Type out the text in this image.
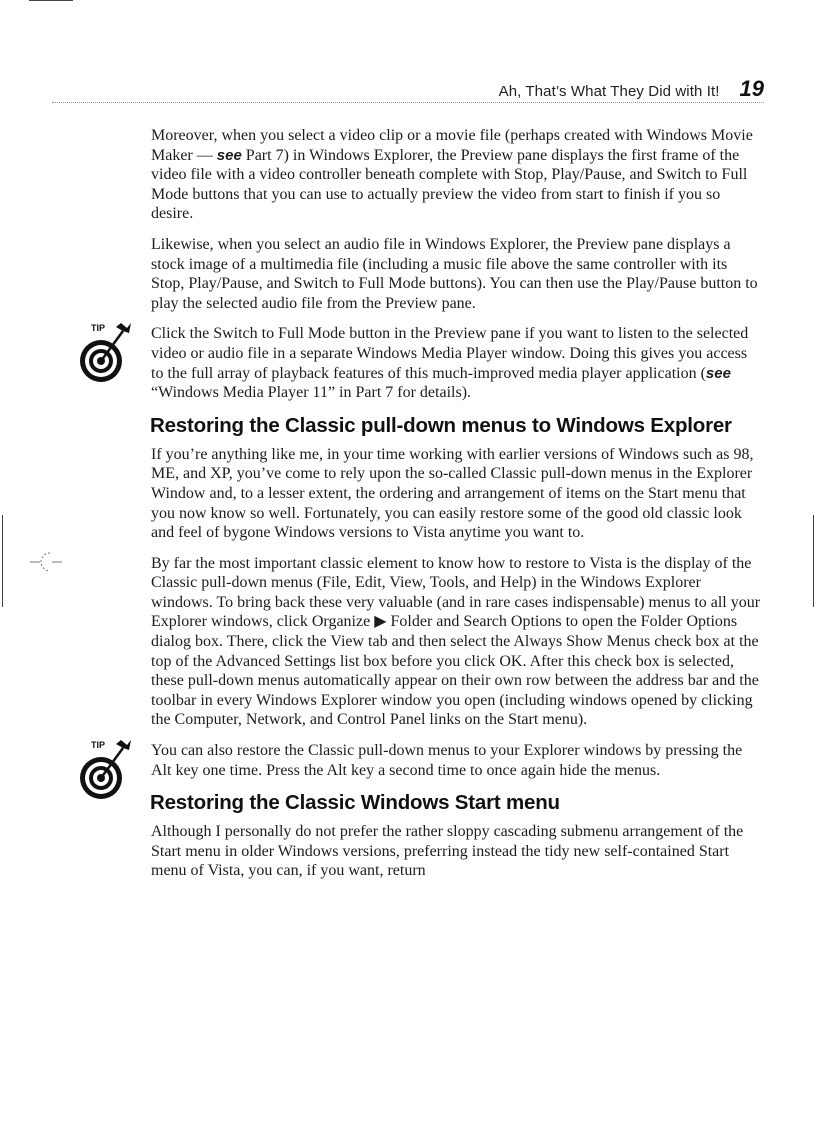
Ah, That’s What They Did with It! 19

Moreover, when you select a video clip or a movie file (perhaps created with Windows Movie Maker — see Part 7) in Windows Explorer, the Preview pane displays the first frame of the video file with a video controller beneath complete with Stop, Play/Pause, and Switch to Full Mode buttons that you can use to actually preview the video from start to finish if you so desire.

Likewise, when you select an audio file in Windows Explorer, the Preview pane displays a stock image of a multimedia file (including a music file above the same controller with its Stop, Play/Pause, and Switch to Full Mode buttons). You can then use the Play/Pause button to play the selected audio file from the Preview pane.

TIP	Click the Switch to Full Mode button in the Preview pane if you want to listen to the selected video or audio file in a separate Windows Media Player window. Doing this gives you access to the full array of playback features of this much-improved media player application (see “Windows Media Player 11” in Part 7 for details).

Restoring the Classic pull-down menus to Windows Explorer

If you’re anything like me, in your time working with earlier versions of Windows such as 98, ME, and XP, you’ve come to rely upon the so-called Classic pull-down menus in the Explorer Window and, to a lesser extent, the ordering and arrangement of items on the Start menu that you now know so well. Fortunately, you can easily restore some of the good old classic look and feel of bygone Windows versions to Vista anytime you want to.

By far the most important classic element to know how to restore to Vista is the display of the Classic pull-down menus (File, Edit, View, Tools, and Help) in the Windows Explorer windows. To bring back these very valuable (and in rare cases indispensable) menus to all your Explorer windows, click Organize ▶ Folder and Search Options to open the Folder Options dialog box. There, click the View tab and then select the Always Show Menus check box at the top of the Advanced Settings list box before you click OK. After this check box is selected, these pull-down menus automatically appear on their own row between the address bar and the toolbar in every Windows Explorer window you open (including windows opened by clicking the Computer, Network, and Control Panel links on the Start menu).

TIP	You can also restore the Classic pull-down menus to your Explorer windows by pressing the Alt key one time. Press the Alt key a second time to once again hide the menus.

Restoring the Classic Windows Start menu

Although I personally do not prefer the rather sloppy cascading submenu arrangement of the Start menu in older Windows versions, preferring instead the tidy new self-contained Start menu of Vista, you can, if you want, return
